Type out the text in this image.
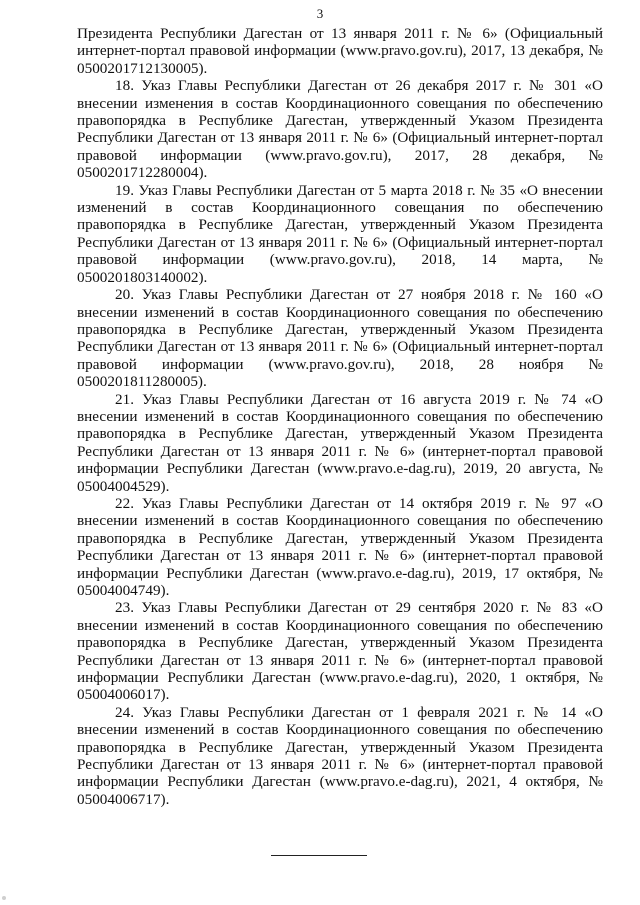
3

Президента Республики Дагестан от 13 января 2011 г. № 6» (Официальный интернет-портал правовой информации (www.pravo.gov.ru), 2017, 13 декабря, № 0500201712130005).

18. Указ Главы Республики Дагестан от 26 декабря 2017 г. № 301 «О внесении изменения в состав Координационного совещания по обеспечению правопорядка в Республике Дагестан, утвержденный Указом Президента Республики Дагестан от 13 января 2011 г. № 6» (Официальный интернет-портал правовой информации (www.pravo.gov.ru), 2017, 28 декабря, № 0500201712280004).

19. Указ Главы Республики Дагестан от 5 марта 2018 г. № 35 «О внесении изменений в состав Координационного совещания по обеспечению правопорядка в Республике Дагестан, утвержденный Указом Президента Республики Дагестан от 13 января 2011 г. № 6» (Официальный интернет-портал правовой информации (www.pravo.gov.ru), 2018, 14 марта, № 0500201803140002).

20. Указ Главы Республики Дагестан от 27 ноября 2018 г. № 160 «О внесении изменений в состав Координационного совещания по обеспечению правопорядка в Республике Дагестан, утвержденный Указом Президента Республики Дагестан от 13 января 2011 г. № 6» (Официальный интернет-портал правовой информации (www.pravo.gov.ru), 2018, 28 ноября № 0500201811280005).

21. Указ Главы Республики Дагестан от 16 августа 2019 г. № 74 «О внесении изменений в состав Координационного совещания по обеспечению правопорядка в Республике Дагестан, утвержденный Указом Президента Республики Дагестан от 13 января 2011 г. № 6» (интернет-портал правовой информации Республики Дагестан (www.pravo.e-dag.ru), 2019, 20 августа, № 05004004529).

22. Указ Главы Республики Дагестан от 14 октября 2019 г. № 97 «О внесении изменений в состав Координационного совещания по обеспечению правопорядка в Республике Дагестан, утвержденный Указом Президента Республики Дагестан от 13 января 2011 г. № 6» (интернет-портал правовой информации Республики Дагестан (www.pravo.e-dag.ru), 2019, 17 октября, № 05004004749).

23. Указ Главы Республики Дагестан от 29 сентября 2020 г. № 83 «О внесении изменений в состав Координационного совещания по обеспечению правопорядка в Республике Дагестан, утвержденный Указом Президента Республики Дагестан от 13 января 2011 г. № 6» (интернет-портал правовой информации Республики Дагестан (www.pravo.e-dag.ru), 2020, 1 октября, № 05004006017).

24. Указ Главы Республики Дагестан от 1 февраля 2021 г. № 14 «О внесении изменений в состав Координационного совещания по обеспечению правопорядка в Республике Дагестан, утвержденный Указом Президента Республики Дагестан от 13 января 2011 г. № 6» (интернет-портал правовой информации Республики Дагестан (www.pravo.e-dag.ru), 2021, 4 октября, № 05004006717).
